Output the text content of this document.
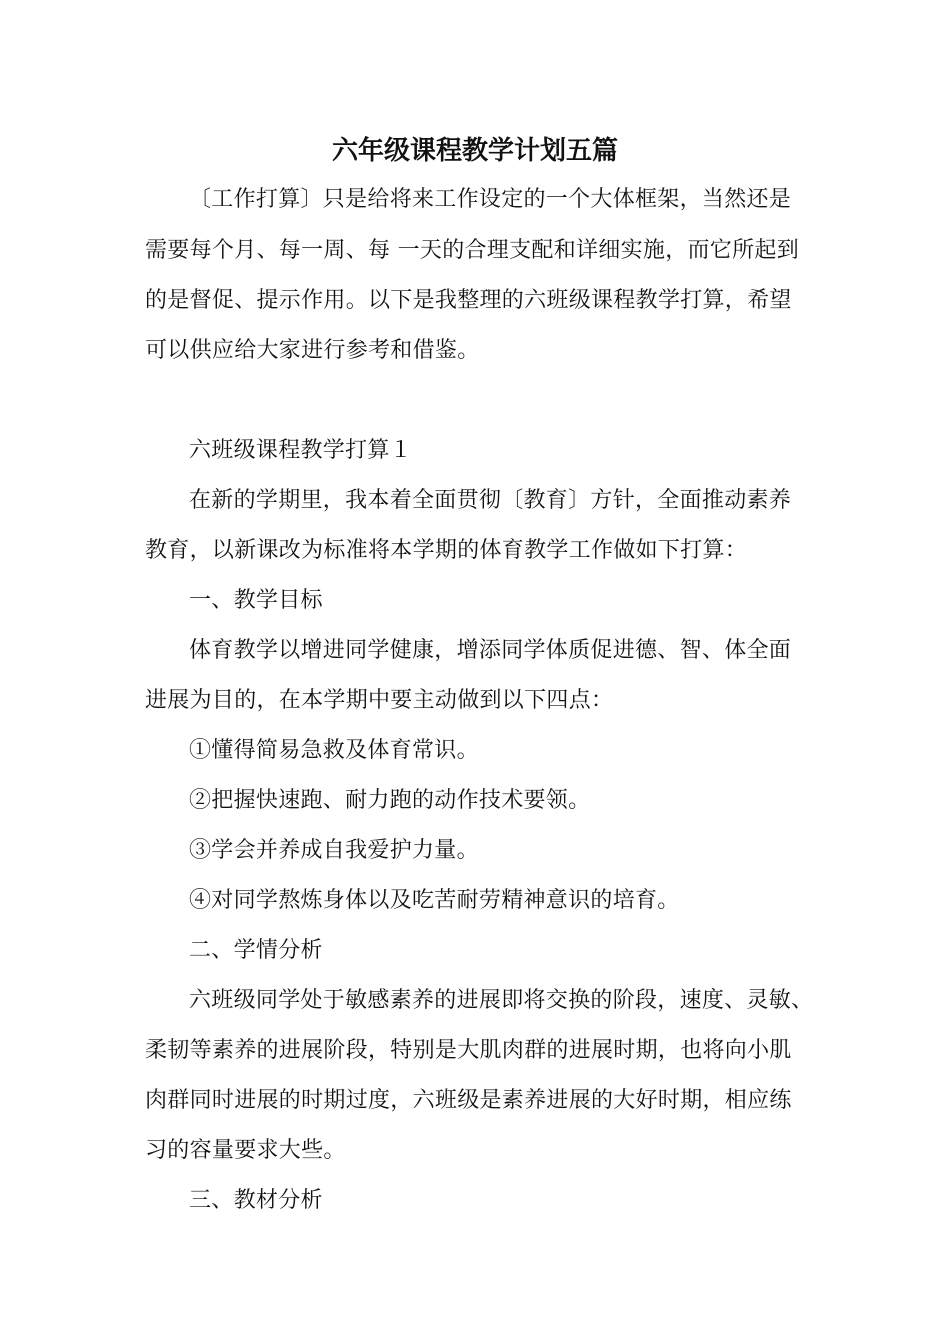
六年级课程教学计划五篇
〔工作打算〕只是给将来工作设定的一个大体框架，当然还是
需要每个月、每一周、每 一天的合理支配和详细实施，而它所起到
的是督促、提示作用。以下是我整理的六班级课程教学打算，希望
可以供应给大家进行参考和借鉴。
六班级课程教学打算１
在新的学期里，我本着全面贯彻〔教育〕方针，全面推动素养
教育，以新课改为标准将本学期的体育教学工作做如下打算：
一、教学目标
体育教学以增进同学健康，增添同学体质促进德、智、体全面
进展为目的，在本学期中要主动做到以下四点：
①懂得简易急救及体育常识。
②把握快速跑、耐力跑的动作技术要领。
③学会并养成自我爱护力量。
④对同学熬炼身体以及吃苦耐劳精神意识的培育。
二、学情分析
六班级同学处于敏感素养的进展即将交换的阶段，速度、灵敏、
柔韧等素养的进展阶段，特别是大肌肉群的进展时期，也将向小肌
肉群同时进展的时期过度，六班级是素养进展的大好时期，相应练
习的容量要求大些。
三、教材分析
